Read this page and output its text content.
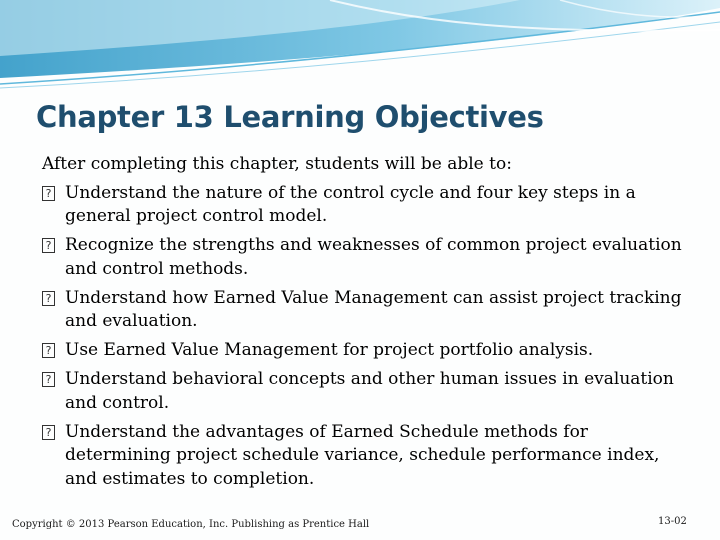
Chapter 13 Learning Objectives

After completing this chapter, students will be able to:

? Understand the nature of the control cycle and four key steps in a general project control model.
? Recognize the strengths and weaknesses of common project evaluation and control methods.
? Understand how Earned Value Management can assist project tracking and evaluation.
? Use Earned Value Management for project portfolio analysis.
? Understand behavioral concepts and other human issues in evaluation and control.
? Understand the advantages of Earned Schedule methods for determining project schedule variance, schedule performance index, and estimates to completion.
Copyright © 2013 Pearson Education, Inc. Publishing as Prentice Hall	13-02
